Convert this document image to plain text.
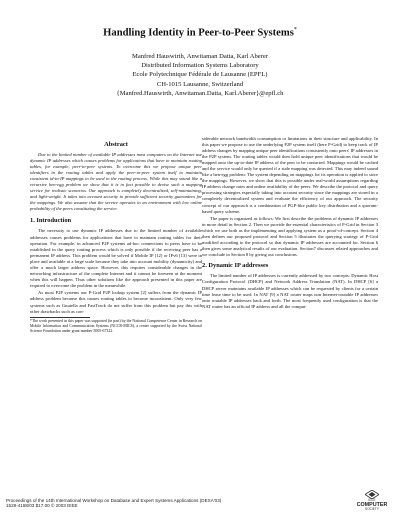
Handling Identity in Peer-to-Peer Systems*
Manfred Hauswirth, Anwitaman Datta, Karl Aberer
Distributed Information Systems Laboratory
Ecole Polytechnique Fédérale de Lausanne (EPFL)
CH-1015 Lausanne, Switzerland
{Manfred.Hauswirth, Anwitaman.Datta, Karl.Aberer}@epfl.ch
Abstract

Due to the limited number of available IP addresses most computers on the Internet use dynamic IP addresses which causes problems for applications that have to maintain routing tables, for example, peer-to-peer systems. To overcome this we propose unique peer identifiers in the routing tables and apply the peer-to-peer system itself to maintain consistent id-to-IP mappings to be used in the routing process. While this may sound like a recursive hen-egg problem we show that it is in fact possible to devise such a mapping service for realistic scenarios. Our approach is completely decentralized, self-maintaining, and light-weight. It takes into account security to provide sufficient security guarantees for the mappings. We also assume that the service operates in an environment with low online probability of the peers constituting the service.

1. Introduction

The necessity to use dynamic IP addresses due to the limited number of available addresses causes problems for applications that have to maintain routing tables for their operation. For example, in advanced P2P systems ad-hoc connections to peers have to be established in the query routing process which is only possible if the receiving peer has a permanent IP address. This problem would be solved if Mobile IP [12] or IPv6 [13] were in place and available at a large scale because they take into account mobility (dynamicity) and offer a much larger address space. However, this requires considerable changes in the networking infrastructure of the complete Internet and it cannot be foreseen at the moment when this will happen. Thus other solutions like the approach presented in this paper are required to overcome the problem in the meanwhile.

As most P2P systems our P-Grid P2P lookup system [2] suffers from the dynamic IP address problem because this causes routing tables to become inconsistent. Only very few systems such as Gnutella and FastTrack do not suffer from this problem but pay this with other drawbacks such as con-

*The work presented in this paper was supported (in part) by the National Competence Center in Research on Mobile Information and Communication Systems (NCCR-MICS), a center supported by the Swiss National Science Foundation under grant number 5005-67322.

siderable network bandwidth consumption or limitations in their structure and applicability. In this paper we propose to use the underlying P2P system itself (here P-Grid) to keep track of IP address changes by mapping unique peer identifications consistently onto peers' IP addresses in the P2P system. The routing tables would then hold unique peer identifications that would be mapped onto the up-to-date IP address of the peer to be contacted. Mappings would be cached and the service would only be queried if a stale mapping was detected. This may indeed sound like a hen-egg problem: The system depending on mappings for its operation is applied to store the mappings. However, we show that this is possible under real-world assumptions regarding IP address change rates and online availability of the peers. We describe the protocol and query processing strategies especially taking into account security since the mappings are stored in a completely decentralized system and evaluate the efficiency of our approach. The security concept of our approach is a combination of PGP-like public key distribution and a quorum-based query scheme.

The paper is organized as follows: We first describe the problems of dynamic IP addresses in more detail in Section 2. Then we provide the essential characteristics of P-Grid in Section 3 which we use both as the implementing and applying system as a proof-of-concept. Section 4 then defines our proposed protocol and Section 5 illustrates the querying strategy of P-Grid modified according to the protocol so that dynamic IP addresses are accounted for. Section 6 then gives some analytical results of our evaluation. Section7 discusses related approaches and we conclude in Section 8 by giving out conclusions.

2. Dynamic IP addresses

The limited number of IP addresses is currently addressed by two concepts: Dynamic Host Configuration Protocol (DHCP) and Network Address Translation (NAT). In DHCP [6] a DHCP server maintains available IP addresses which can be requested by clients for a certain time lease time to be used. In NAT [9] a NAT router maps non Internet-routable IP addresses onto routable IP addresses back and forth. The most frequently used configuration is that the NAT router has an official IP address and all the comput-

Proceedings of the 14th International Workshop on Database and Expert Systems Applications (DEXA'03)
1529-4188/03 $17.00 © 2003 IEEE
IEEE
COMPUTER
SOCIETY
